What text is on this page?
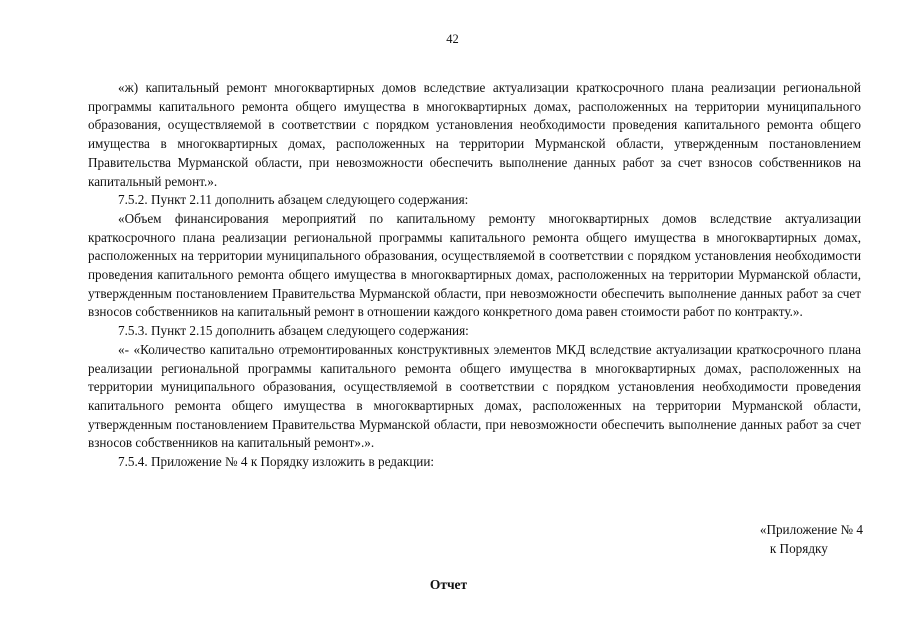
42

«ж) капитальный ремонт многоквартирных домов вследствие актуализации краткосрочного плана реализации региональной программы капитального ремонта общего имущества в многоквартирных домах, расположенных на территории муниципального образования, осуществляемой в соответствии с порядком установления необходимости проведения капитального ремонта общего имущества в многоквартирных домах, расположенных на территории Мурманской области, утвержденным постановлением Правительства Мурманской области, при невозможности обеспечить выполнение данных работ за счет взносов собственников на капитальный ремонт.».

7.5.2. Пункт 2.11 дополнить абзацем следующего содержания:

«Объем финансирования мероприятий по капитальному ремонту многоквартирных домов вследствие актуализации краткосрочного плана реализации региональной программы капитального ремонта общего имущества в многоквартирных домах, расположенных на территории муниципального образования, осуществляемой в соответствии с порядком установления необходимости проведения капитального ремонта общего имущества в многоквартирных домах, расположенных на территории Мурманской области, утвержденным постановлением Правительства Мурманской области, при невозможности обеспечить выполнение данных работ за счет взносов собственников на капитальный ремонт в отношении каждого конкретного дома равен стоимости работ по контракту.».

7.5.3. Пункт 2.15 дополнить абзацем следующего содержания:

«- «Количество капитально отремонтированных конструктивных элементов МКД вследствие актуализации краткосрочного плана реализации региональной программы капитального ремонта общего имущества в многоквартирных домах, расположенных на территории муниципального образования, осуществляемой в соответствии с порядком установления необходимости проведения капитального ремонта общего имущества в многоквартирных домах, расположенных на территории Мурманской области, утвержденным постановлением Правительства Мурманской области, при невозможности обеспечить выполнение данных работ за счет взносов собственников на капитальный ремонт».».

7.5.4. Приложение № 4 к Порядку изложить в редакции:

«Приложение № 4
к Порядку
Отчет
